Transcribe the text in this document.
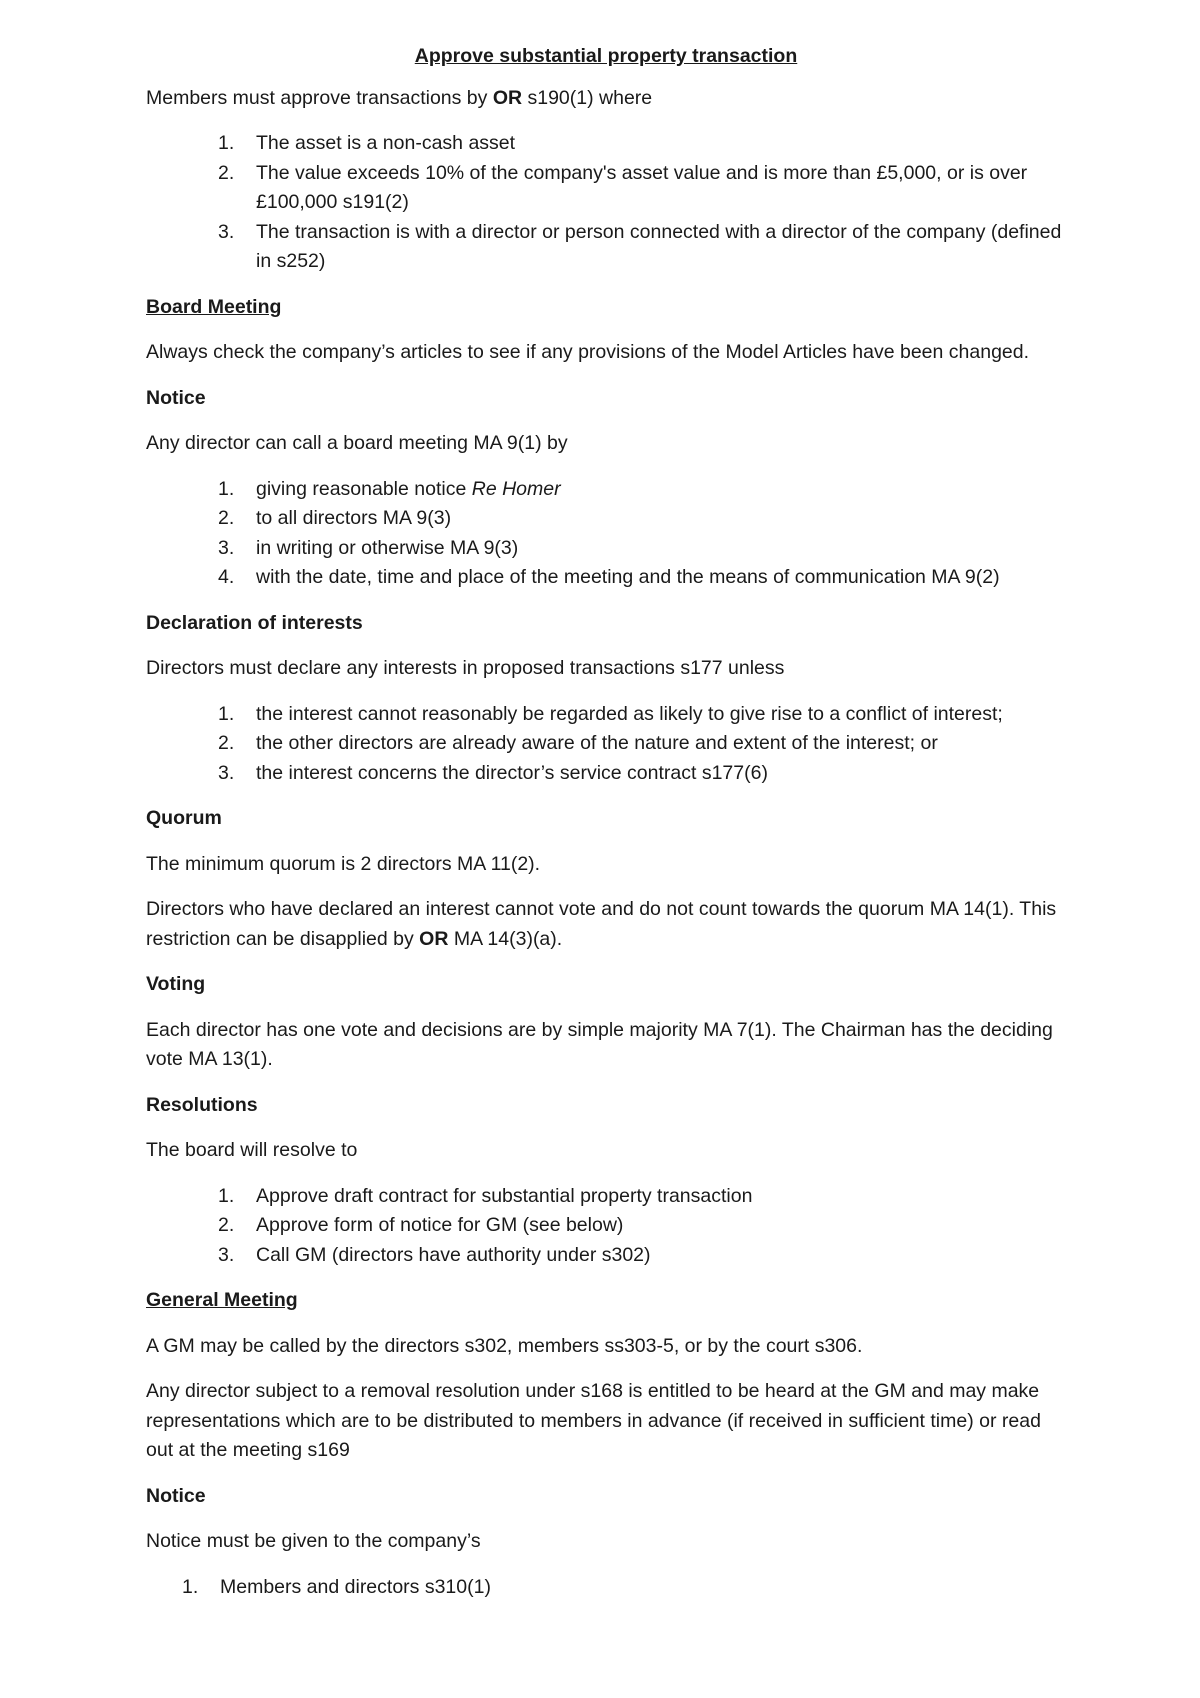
Approve substantial property transaction

Members must approve transactions by OR s190(1) where

1. The asset is a non-cash asset
2. The value exceeds 10% of the company's asset value and is more than £5,000, or is over £100,000 s191(2)
3. The transaction is with a director or person connected with a director of the company (defined in s252)

Board Meeting

Always check the company’s articles to see if any provisions of the Model Articles have been changed.

Notice

Any director can call a board meeting MA 9(1) by

1. giving reasonable notice Re Homer
2. to all directors MA 9(3)
3. in writing or otherwise MA 9(3)
4. with the date, time and place of the meeting and the means of communication MA 9(2)

Declaration of interests

Directors must declare any interests in proposed transactions s177 unless

1. the interest cannot reasonably be regarded as likely to give rise to a conflict of interest;
2. the other directors are already aware of the nature and extent of the interest; or
3. the interest concerns the director’s service contract s177(6)

Quorum

The minimum quorum is 2 directors MA 11(2).

Directors who have declared an interest cannot vote and do not count towards the quorum MA 14(1). This restriction can be disapplied by OR MA 14(3)(a).

Voting

Each director has one vote and decisions are by simple majority MA 7(1). The Chairman has the deciding vote MA 13(1).

Resolutions

The board will resolve to

1. Approve draft contract for substantial property transaction
2. Approve form of notice for GM (see below)
3. Call GM (directors have authority under s302)

General Meeting

A GM may be called by the directors s302, members ss303-5, or by the court s306.

Any director subject to a removal resolution under s168 is entitled to be heard at the GM and may make representations which are to be distributed to members in advance (if received in sufficient time) or read out at the meeting s169

Notice

Notice must be given to the company’s

1. Members and directors s310(1)
